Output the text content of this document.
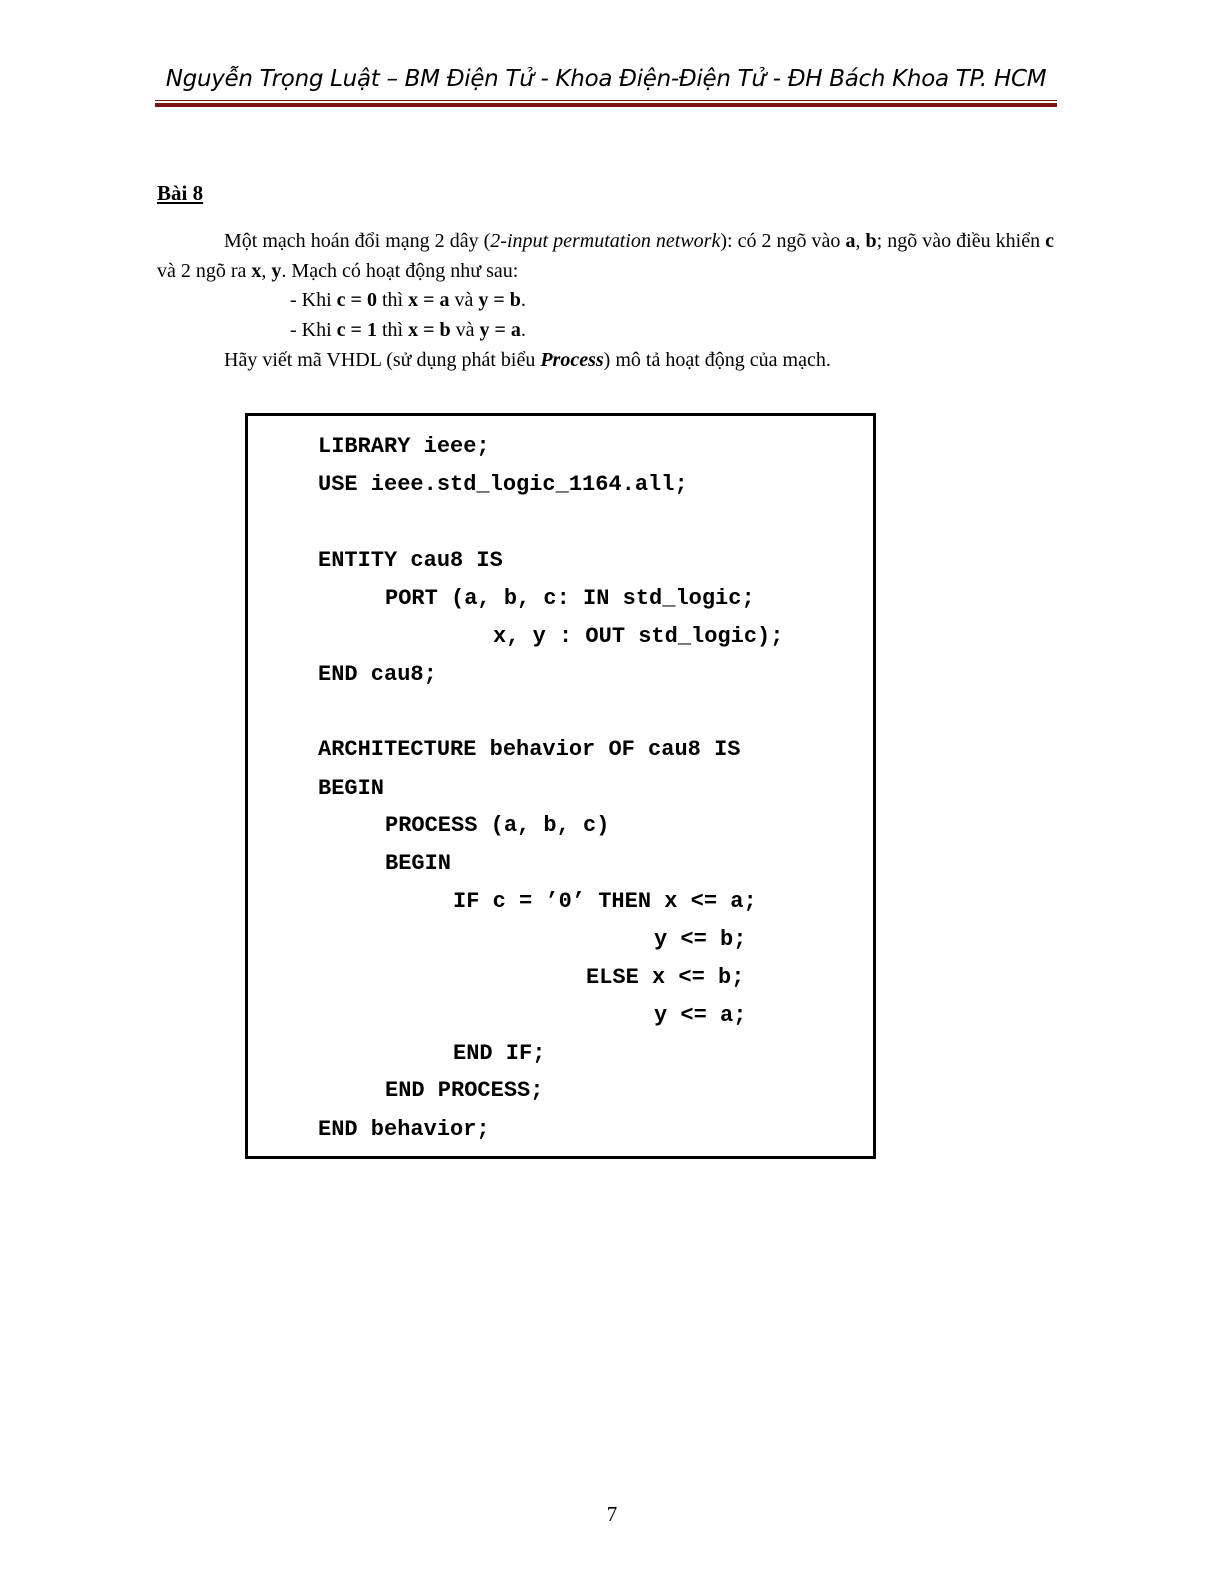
Nguyễn Trọng Luật – BM Điện Tử - Khoa Điện-Điện Tử - ĐH Bách Khoa TP. HCM
Bài 8
Một mạch hoán đổi mạng 2 dây (2-input permutation network): có 2 ngõ vào a, b; ngõ vào điều khiển c và 2 ngõ ra x, y. Mạch có hoạt động như sau:
- Khi c = 0 thì x = a và y = b.
- Khi c = 1 thì x = b và y = a.
Hãy viết mã VHDL (sử dụng phát biểu Process) mô tả hoạt động của mạch.
LIBRARY ieee;
USE ieee.std_logic_1164.all;
ENTITY cau8 IS
PORT (a, b, c: IN std_logic;
x, y : OUT std_logic);
END cau8;
ARCHITECTURE behavior OF cau8 IS
BEGIN
PROCESS (a, b, c)
BEGIN
IF c = ’0’ THEN x <= a;
y <= b;
ELSE x <= b;
y <= a;
END IF;
END PROCESS;
END behavior;
7
